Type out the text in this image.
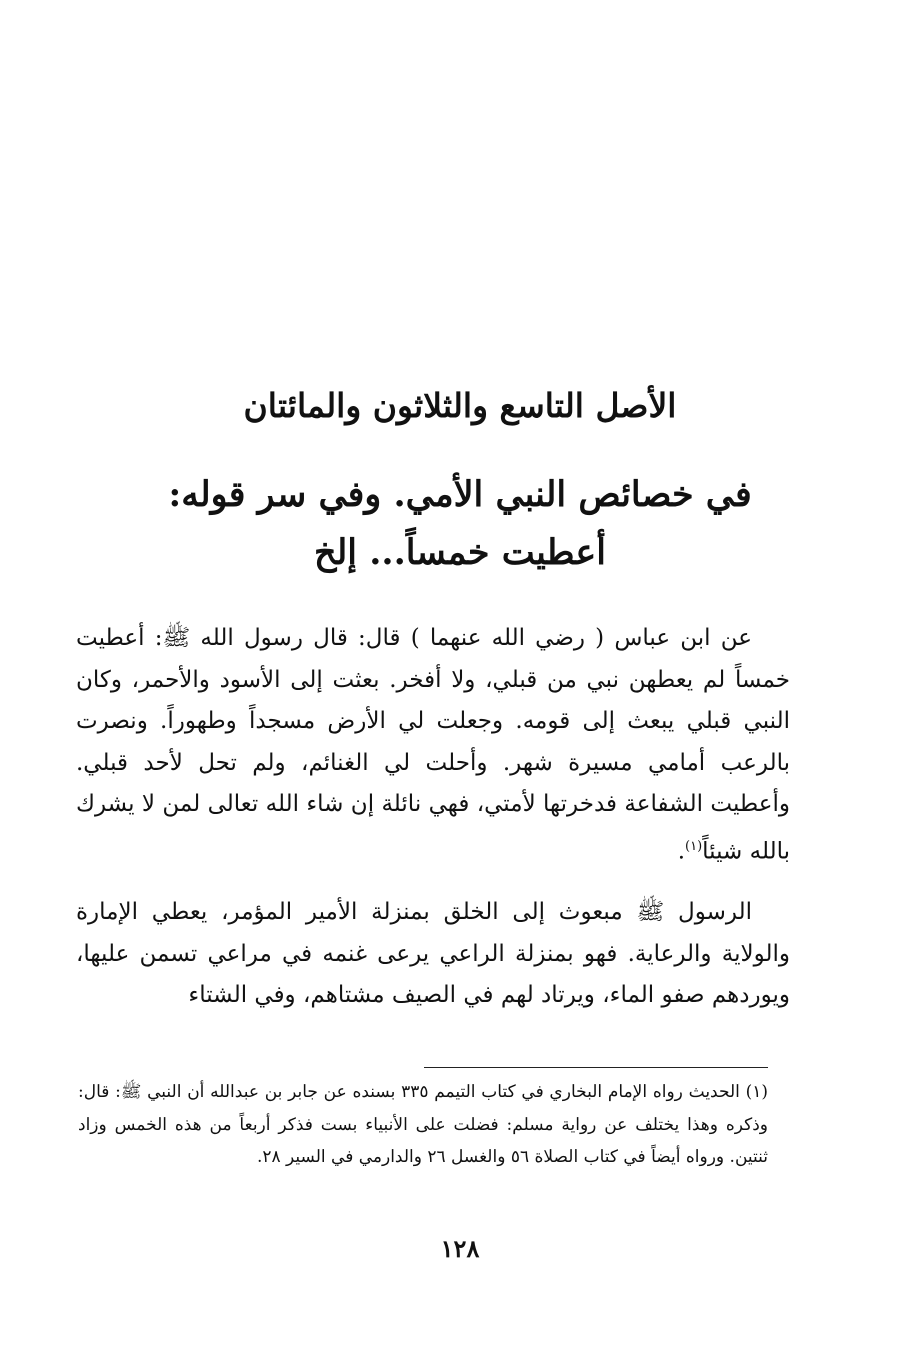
الأصل التاسع والثلاثون والمائتان
في خصائص النبي الأمي. وفي سر قوله:
أعطيت خمساً... إلخ
عن ابن عباس ( رضي الله عنهما ) قال: قال رسول الله ﷺ: أعطيت خمساً لم يعطهن نبي من قبلي، ولا أفخر. بعثت إلى الأسود والأحمر، وكان النبي قبلي يبعث إلى قومه. وجعلت لي الأرض مسجداً وطهوراً. ونصرت بالرعب أمامي مسيرة شهر. وأحلت لي الغنائم، ولم تحل لأحد قبلي. وأعطيت الشفاعة فدخرتها لأمتي، فهي نائلة إن شاء الله تعالى لمن لا يشرك بالله شيئاً$^{(١)}$.
الرسول ﷺ مبعوث إلى الخلق بمنزلة الأمير المؤمر، يعطي الإمارة والولاية والرعاية. فهو بمنزلة الراعي يرعى غنمه في مراعي تسمن عليها، ويوردهم صفو الماء، ويرتاد لهم في الصيف مشتاهم، وفي الشتاء
(١) الحديث رواه الإمام البخاري في كتاب التيمم ٣٣٥ بسنده عن جابر بن عبدالله أن النبي ﷺ: قال: وذكره وهذا يختلف عن رواية مسلم: فضلت على الأنبياء بست فذكر أربعاً من هذه الخمس وزاد ثنتين. ورواه أيضاً في كتاب الصلاة ٥٦ والغسل ٢٦ والدارمي في السير ٢٨.
١٢٨
